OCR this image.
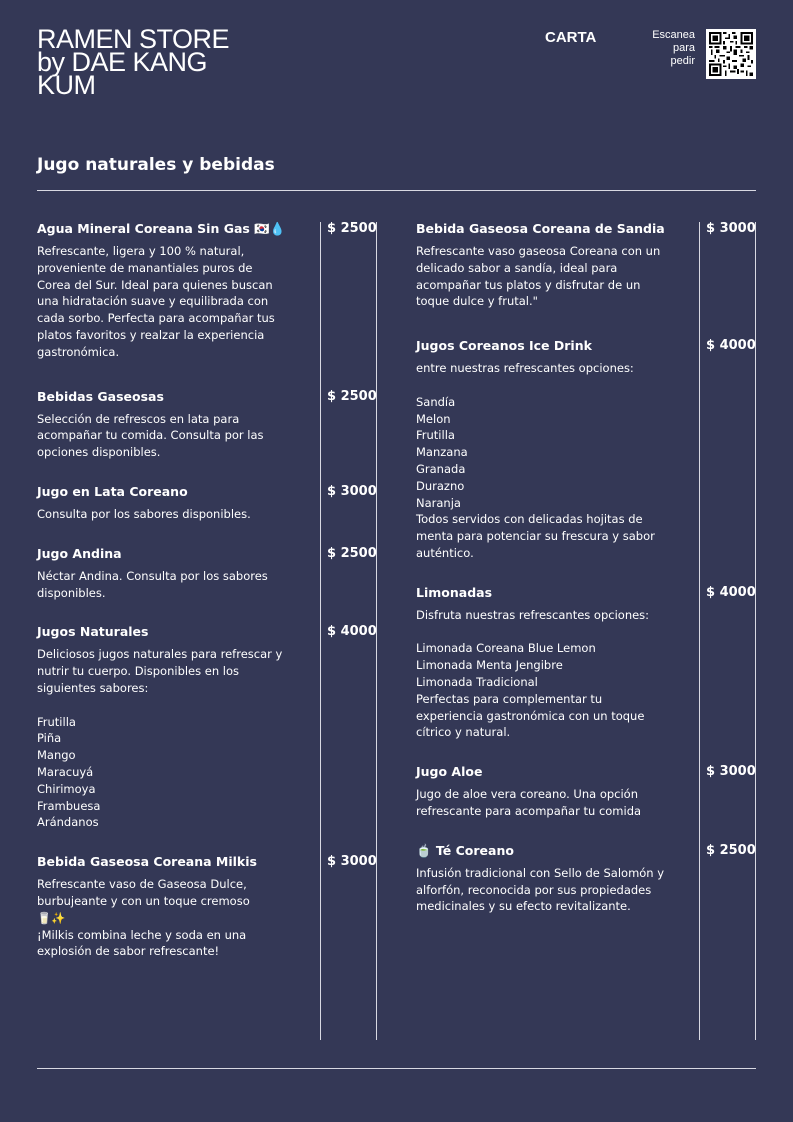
RAMEN STORE
by DAE KANG
KUM
CARTA	Escanea
para
pedir
Jugo naturales y bebidas
Agua Mineral Coreana Sin Gas 🇰🇷💧	$ 2500
Refrescante, ligera y 100 % natural, proveniente de manantiales puros de Corea del Sur. Ideal para quienes buscan una hidratación suave y equilibrada con cada sorbo. Perfecta para acompañar tus platos favoritos y realzar la experiencia gastronómica.
Bebidas Gaseosas	$ 2500
Selección de refrescos en lata para acompañar tu comida. Consulta por las opciones disponibles.
Jugo en Lata Coreano	$ 3000
Consulta por los sabores disponibles.
Jugo Andina	$ 2500
Néctar Andina. Consulta por los sabores disponibles.
Jugos Naturales	$ 4000
Deliciosos jugos naturales para refrescar y nutrir tu cuerpo. Disponibles en los siguientes sabores:

Frutilla
Piña
Mango
Maracuyá
Chirimoya
Frambuesa
Arándanos
Bebida Gaseosa Coreana Milkis	$ 3000
Refrescante vaso de Gaseosa Dulce, burbujeante y con un toque cremoso
🥛✨
¡Milkis combina leche y soda en una explosión de sabor refrescante!
Bebida Gaseosa Coreana de Sandia	$ 3000
Refrescante vaso gaseosa Coreana con un delicado sabor a sandía, ideal para acompañar tus platos y disfrutar de un toque dulce y frutal."
Jugos Coreanos Ice Drink	$ 4000
entre nuestras refrescantes opciones:

Sandía
Melon
Frutilla
Manzana
Granada
Durazno
Naranja
Todos servidos con delicadas hojitas de menta para potenciar su frescura y sabor auténtico.
Limonadas	$ 4000
Disfruta nuestras refrescantes opciones:

Limonada Coreana Blue Lemon
Limonada Menta Jengibre
Limonada Tradicional
Perfectas para complementar tu experiencia gastronómica con un toque cítrico y natural.
Jugo Aloe	$ 3000
Jugo de aloe vera coreano. Una opción refrescante para acompañar tu comida
🍵 Té Coreano	$ 2500
Infusión tradicional con Sello de Salomón y alforfón, reconocida por sus propiedades medicinales y su efecto revitalizante.
